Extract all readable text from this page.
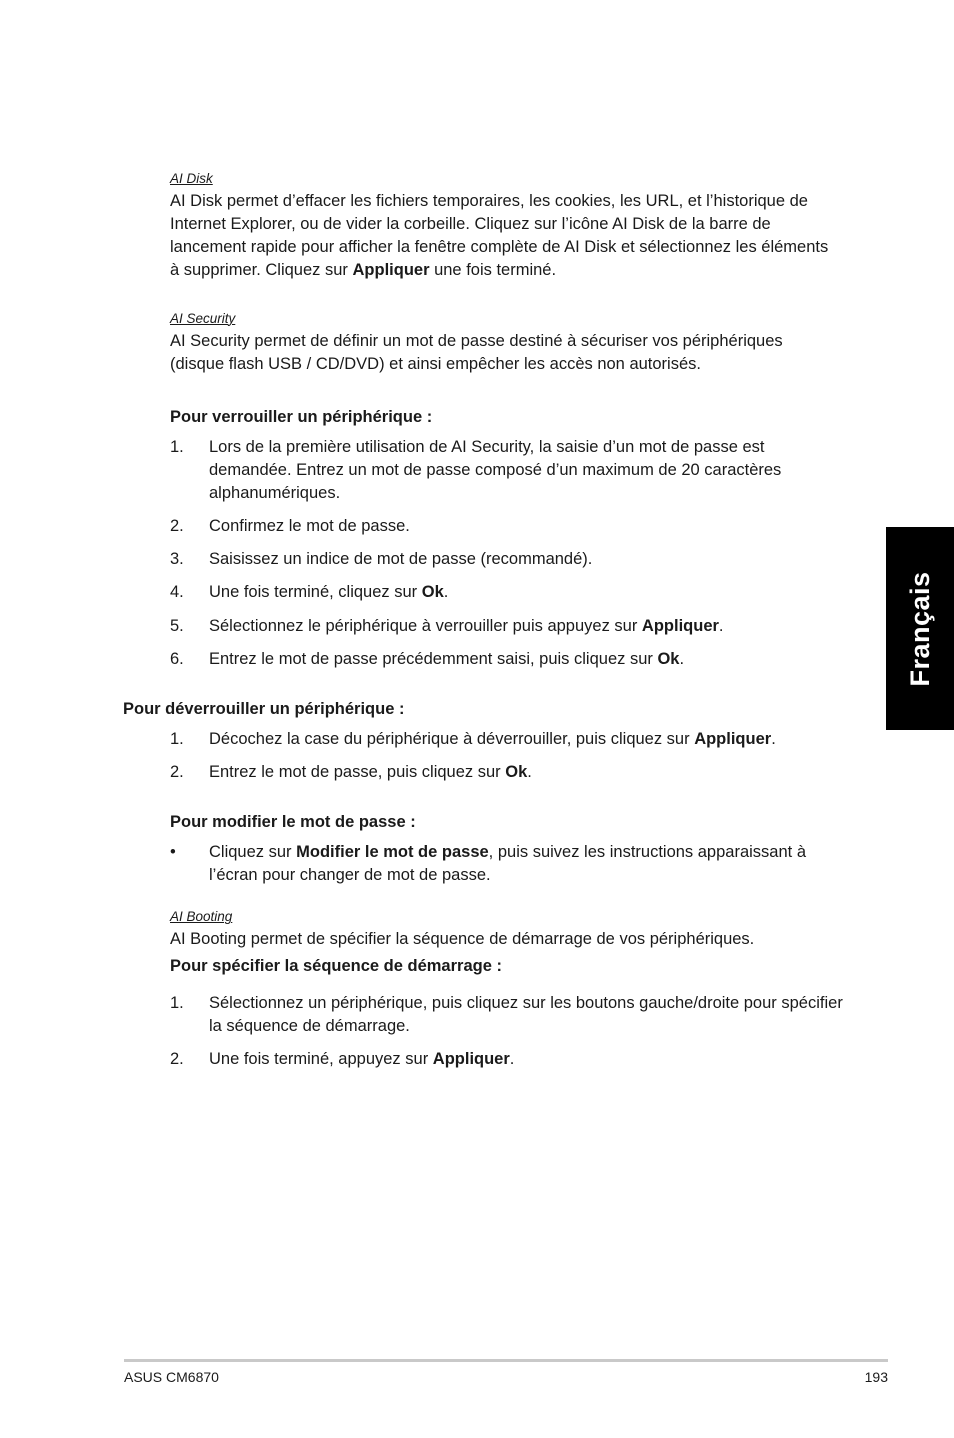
AI Disk
AI Disk permet d’effacer les fichiers temporaires, les cookies, les URL, et l’historique de Internet Explorer, ou de vider la corbeille. Cliquez sur l’icône AI Disk de la barre de lancement rapide pour afficher la fenêtre complète de AI Disk et sélectionnez les éléments à supprimer. Cliquez sur Appliquer une fois terminé.
AI Security
AI Security permet de définir un mot de passe destiné à sécuriser vos périphériques (disque flash USB / CD/DVD) et ainsi empêcher les accès non autorisés.
Pour verrouiller un périphérique :
1. Lors de la première utilisation de AI Security, la saisie d’un mot de passe est demandée. Entrez un mot de passe composé d’un maximum de 20 caractères alphanumériques.
2. Confirmez le mot de passe.
3. Saisissez un indice de mot de passe (recommandé).
4. Une fois terminé, cliquez sur Ok.
5. Sélectionnez le périphérique à verrouiller puis appuyez sur Appliquer.
6. Entrez le mot de passe précédemment saisi, puis cliquez sur Ok.
Pour déverrouiller un périphérique :
1. Décochez la case du périphérique à déverrouiller, puis cliquez sur Appliquer.
2. Entrez le mot de passe, puis cliquez sur Ok.
Pour modifier le mot de passe :
• Cliquez sur Modifier le mot de passe, puis suivez les instructions apparaissant à l’écran pour changer de mot de passe.
AI Booting
AI Booting permet de spécifier la séquence de démarrage de vos périphériques.
Pour spécifier la séquence de démarrage :
1. Sélectionnez un périphérique, puis cliquez sur les boutons gauche/droite pour spécifier la séquence de démarrage.
2. Une fois terminé, appuyez sur Appliquer.
Français
ASUS CM6870	193
